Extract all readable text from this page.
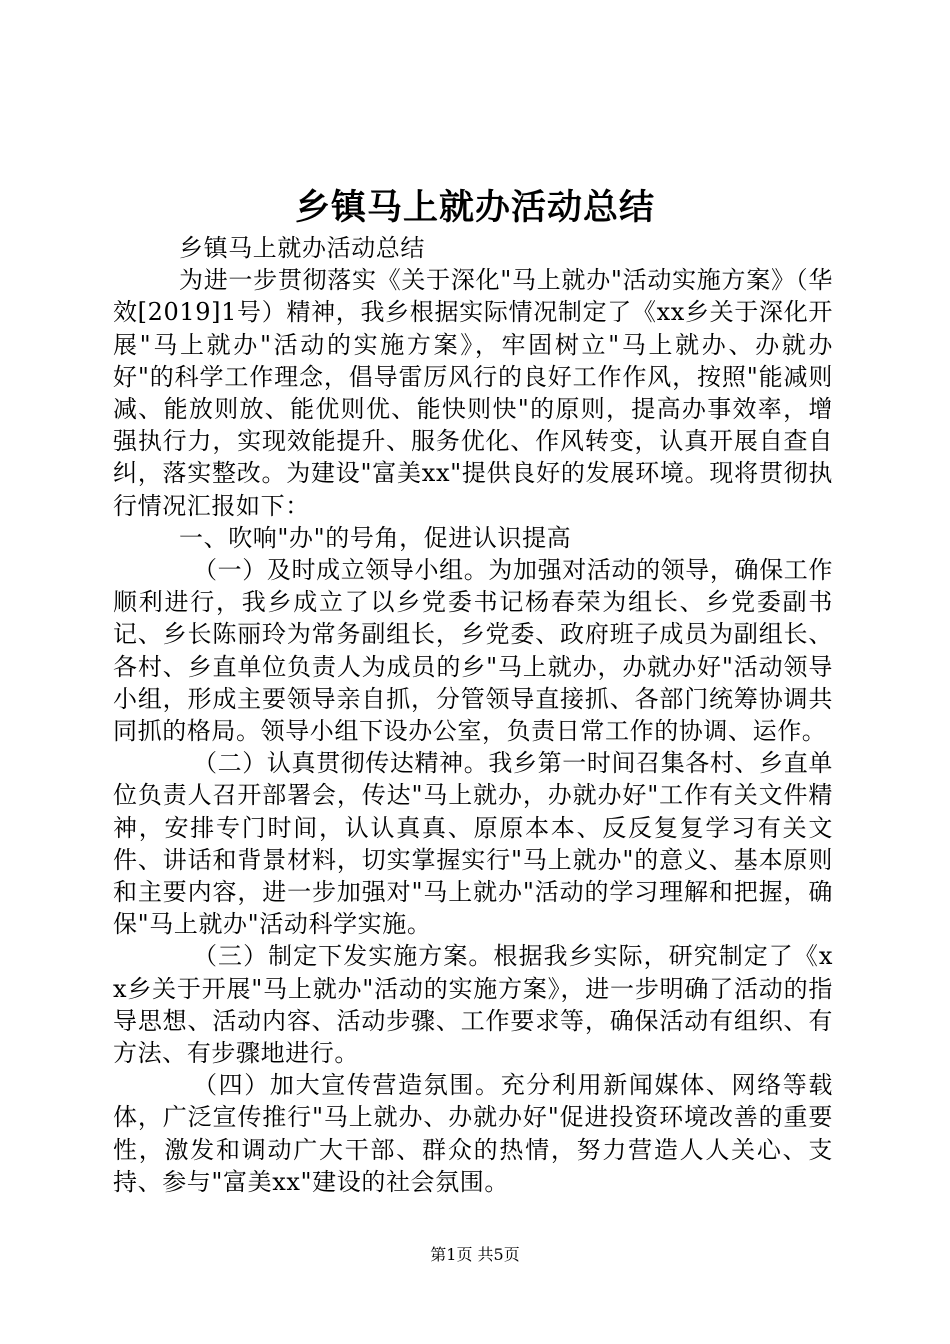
乡镇马上就办活动总结

乡镇马上就办活动总结

为进一步贯彻落实《关于深化"马上就办"活动实施方案》（华效[2019]1号）精神，我乡根据实际情况制定了《xx乡关于深化开展"马上就办"活动的实施方案》，牢固树立"马上就办、办就办好"的科学工作理念，倡导雷厉风行的良好工作作风，按照"能减则减、能放则放、能优则优、能快则快"的原则，提高办事效率，增强执行力，实现效能提升、服务优化、作风转变，认真开展自查自纠，落实整改。为建设"富美xx"提供良好的发展环境。现将贯彻执行情况汇报如下：

一、吹响"办"的号角，促进认识提高

（一）及时成立领导小组。为加强对活动的领导，确保工作顺利进行，我乡成立了以乡党委书记杨春荣为组长、乡党委副书记、乡长陈丽玲为常务副组长，乡党委、政府班子成员为副组长、各村、乡直单位负责人为成员的乡"马上就办，办就办好"活动领导小组，形成主要领导亲自抓，分管领导直接抓、各部门统筹协调共同抓的格局。领导小组下设办公室，负责日常工作的协调、运作。

（二）认真贯彻传达精神。我乡第一时间召集各村、乡直单位负责人召开部署会，传达"马上就办，办就办好"工作有关文件精神，安排专门时间，认认真真、原原本本、反反复复学习有关文件、讲话和背景材料，切实掌握实行"马上就办"的意义、基本原则和主要内容，进一步加强对"马上就办"活动的学习理解和把握，确保"马上就办"活动科学实施。

（三）制定下发实施方案。根据我乡实际，研究制定了《xx乡关于开展"马上就办"活动的实施方案》，进一步明确了活动的指导思想、活动内容、活动步骤、工作要求等，确保活动有组织、有方法、有步骤地进行。

（四）加大宣传营造氛围。充分利用新闻媒体、网络等载体，广泛宣传推行"马上就办、办就办好"促进投资环境改善的重要性，激发和调动广大干部、群众的热情，努力营造人人关心、支持、参与"富美xx"建设的社会氛围。

第1页 共5页
